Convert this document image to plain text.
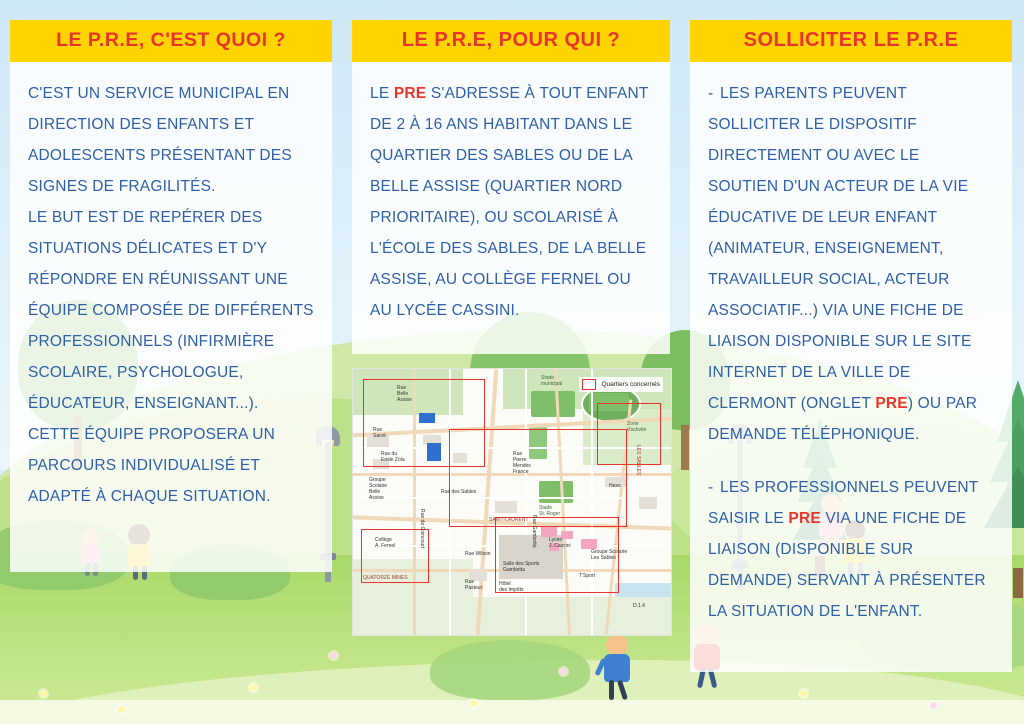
LE P.R.E, C'EST QUOI ?

C'EST UN SERVICE MUNICIPAL EN DIRECTION DES ENFANTS ET ADOLESCENTS PRÉSENTANT DES SIGNES DE FRAGILITÉS.

LE BUT EST DE REPÉRER DES SITUATIONS DÉLICATES ET D'Y RÉPONDRE EN RÉUNISSANT UNE ÉQUIPE COMPOSÉE DE DIFFÉRENTS PROFESSIONNELS (INFIRMIÈRE SCOLAIRE, PSYCHOLOGUE, ÉDUCATEUR, ENSEIGNANT...).

CETTE ÉQUIPE PROPOSERA UN PARCOURS INDIVIDUALISÉ ET ADAPTÉ À CHAQUE SITUATION.

LE P.R.E, POUR QUI ?

LE PRE S'ADRESSE À TOUT ENFANT DE 2 À 16 ANS HABITANT DANS LE QUARTIER DES SABLES OU DE LA BELLE ASSISE (QUARTIER NORD PRIORITAIRE), OU SCOLARISÉ À L'ÉCOLE DES SABLES, DE LA BELLE ASSISE, AU COLLÈGE FERNEL OU AU LYCÉE CASSINI.

SOLLICITER LE P.R.E

- LES PARENTS PEUVENT SOLLICITER LE DISPOSITIF DIRECTEMENT OU AVEC LE SOUTIEN D'UN ACTEUR DE LA VIE ÉDUCATIVE DE LEUR ENFANT (ANIMATEUR, ENSEIGNEMENT, TRAVAILLEUR SOCIAL, ACTEUR ASSOCIATIF...) VIA UNE FICHE DE LIAISON DISPONIBLE SUR LE SITE INTERNET DE LA VILLE DE CLERMONT (ONGLET PRE) OU PAR DEMANDE TÉLÉPHONIQUE.

- LES PROFESSIONNELS PEUVENT SAISIR LE PRE VIA UNE FICHE DE LIAISON (DISPONIBLE SUR DEMANDE) SERVANT À PRÉSENTER LA SITUATION DE L'ENFANT.

Rue
Belle
Assise
Stade
municipal
Zone
d'activité
LES SABLES
Rue
Sacré
Rue du
Emile Zola
Rue
Pierre
Mendès
France
Stade
St. Roger
Groupe
Scolaire
Belle
Assise
SAINT-LAURENT
Rue des Sables
Collège
A. Fernel
Rue Wilson
Lycée
J. Cassini
Groupe Scolaire
Les Sables
Salle des Sports
Gambetta
Hexo
QUATORZE MINES
Rue
Pasteur
Hôtel
des Impôts
T'Sport
D.1.4
Rue Gambetta
Rue de Giencourt
Quartiers concernés
